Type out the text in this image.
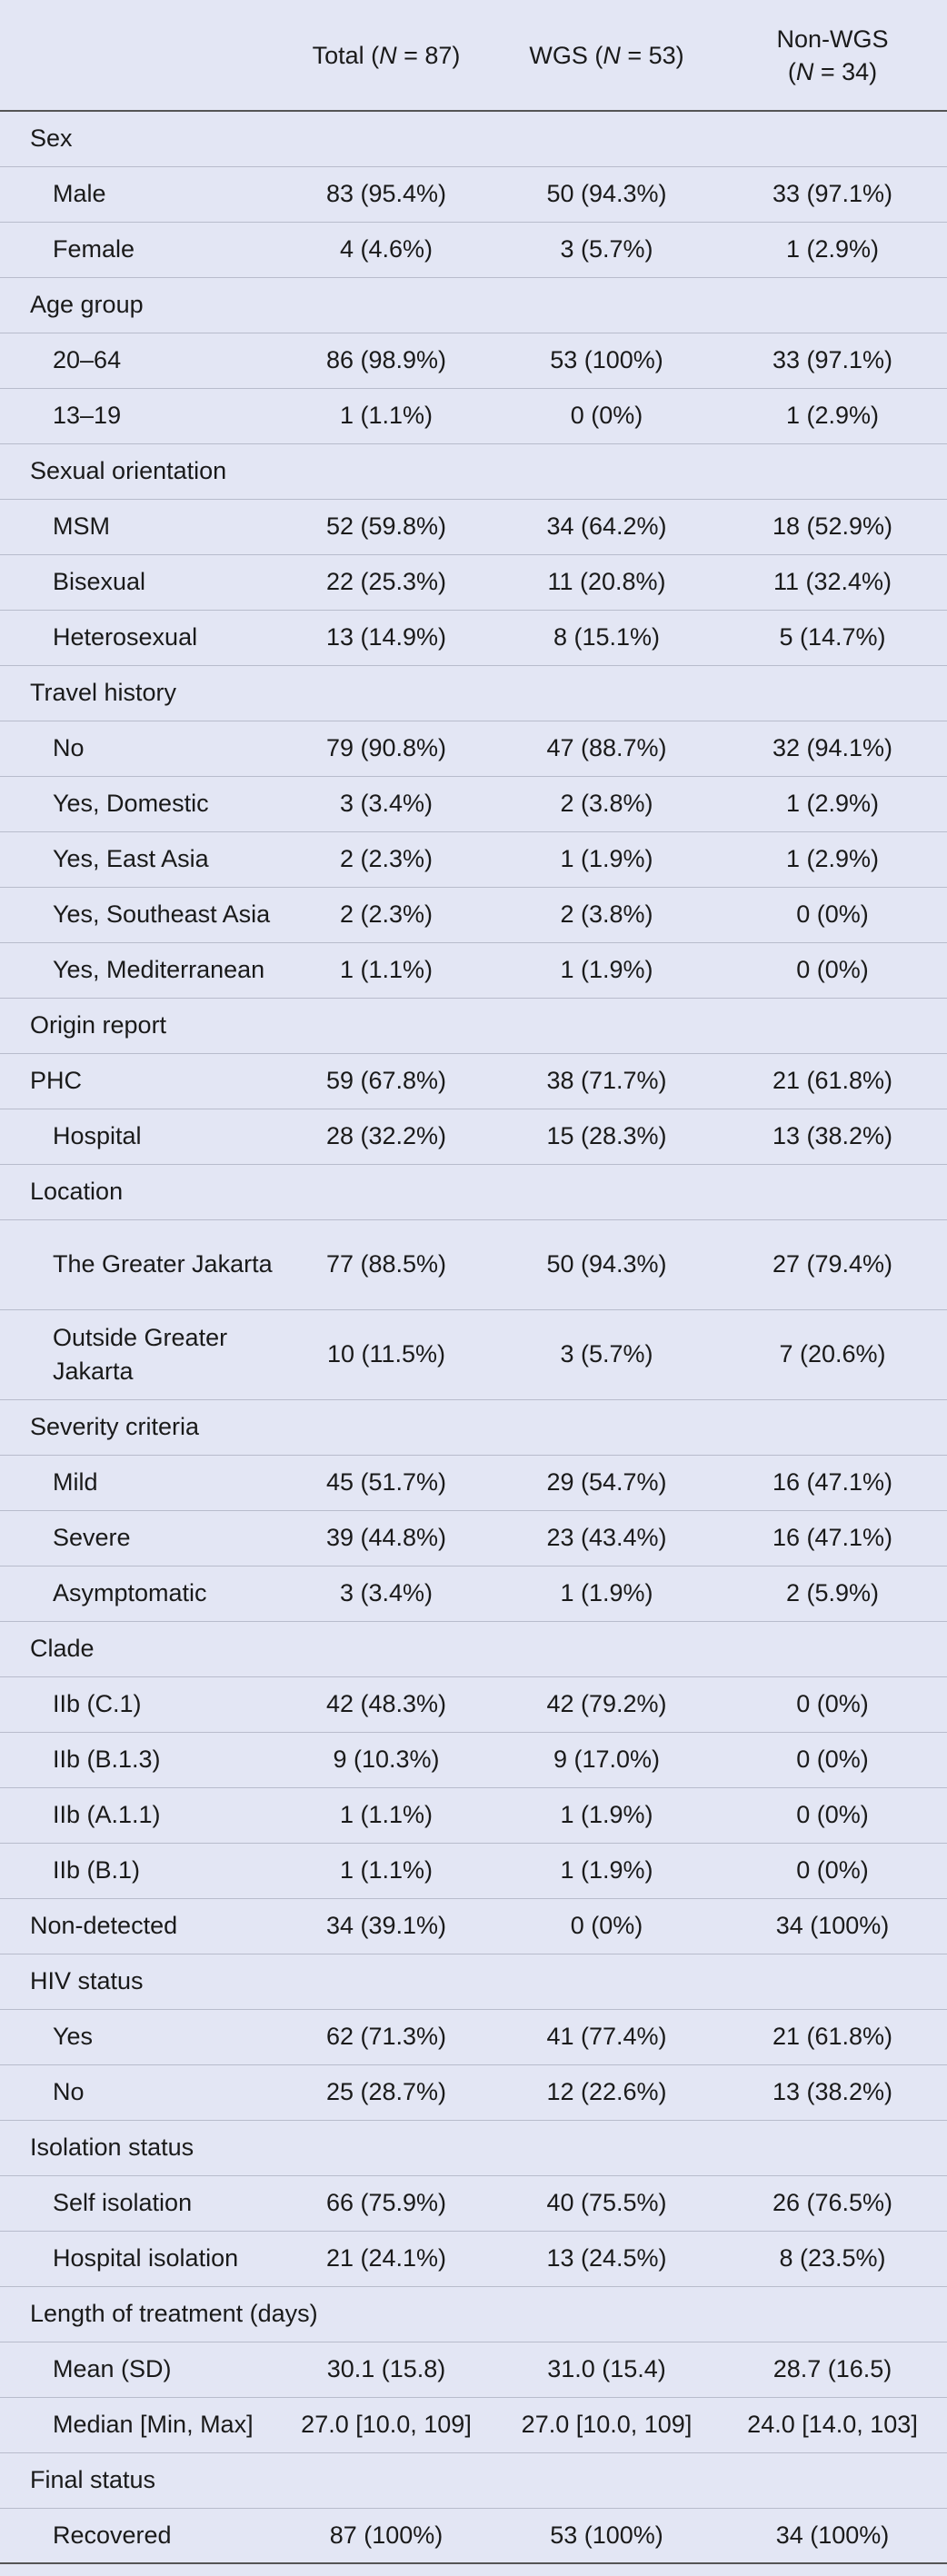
	Total (N = 87)	WGS (N = 53)	Non-WGS
(N = 34)
Sex			
Male	83 (95.4%)	50 (94.3%)	33 (97.1%)
Female	4 (4.6%)	3 (5.7%)	1 (2.9%)
Age group			
20–64	86 (98.9%)	53 (100%)	33 (97.1%)
13–19	1 (1.1%)	0 (0%)	1 (2.9%)
Sexual orientation			
MSM	52 (59.8%)	34 (64.2%)	18 (52.9%)
Bisexual	22 (25.3%)	11 (20.8%)	11 (32.4%)
Heterosexual	13 (14.9%)	8 (15.1%)	5 (14.7%)
Travel history			
No	79 (90.8%)	47 (88.7%)	32 (94.1%)
Yes, Domestic	3 (3.4%)	2 (3.8%)	1 (2.9%)
Yes, East Asia	2 (2.3%)	1 (1.9%)	1 (2.9%)
Yes, Southeast Asia	2 (2.3%)	2 (3.8%)	0 (0%)
Yes, Mediterranean	1 (1.1%)	1 (1.9%)	0 (0%)
Origin report			
PHC	59 (67.8%)	38 (71.7%)	21 (61.8%)
Hospital	28 (32.2%)	15 (28.3%)	13 (38.2%)
Location			
The Greater Jakarta	77 (88.5%)	50 (94.3%)	27 (79.4%)
Outside Greater Jakarta	10 (11.5%)	3 (5.7%)	7 (20.6%)
Severity criteria			
Mild	45 (51.7%)	29 (54.7%)	16 (47.1%)
Severe	39 (44.8%)	23 (43.4%)	16 (47.1%)
Asymptomatic	3 (3.4%)	1 (1.9%)	2 (5.9%)
Clade			
IIb (C.1)	42 (48.3%)	42 (79.2%)	0 (0%)
IIb (B.1.3)	9 (10.3%)	9 (17.0%)	0 (0%)
IIb (A.1.1)	1 (1.1%)	1 (1.9%)	0 (0%)
IIb (B.1)	1 (1.1%)	1 (1.9%)	0 (0%)
Non-detected	34 (39.1%)	0 (0%)	34 (100%)
HIV status			
Yes	62 (71.3%)	41 (77.4%)	21 (61.8%)
No	25 (28.7%)	12 (22.6%)	13 (38.2%)
Isolation status			
Self isolation	66 (75.9%)	40 (75.5%)	26 (76.5%)
Hospital isolation	21 (24.1%)	13 (24.5%)	8 (23.5%)
Length of treatment (days)			
Mean (SD)	30.1 (15.8)	31.0 (15.4)	28.7 (16.5)
Median [Min, Max]	27.0 [10.0, 109]	27.0 [10.0, 109]	24.0 [14.0, 103]
Final status			
Recovered	87 (100%)	53 (100%)	34 (100%)
